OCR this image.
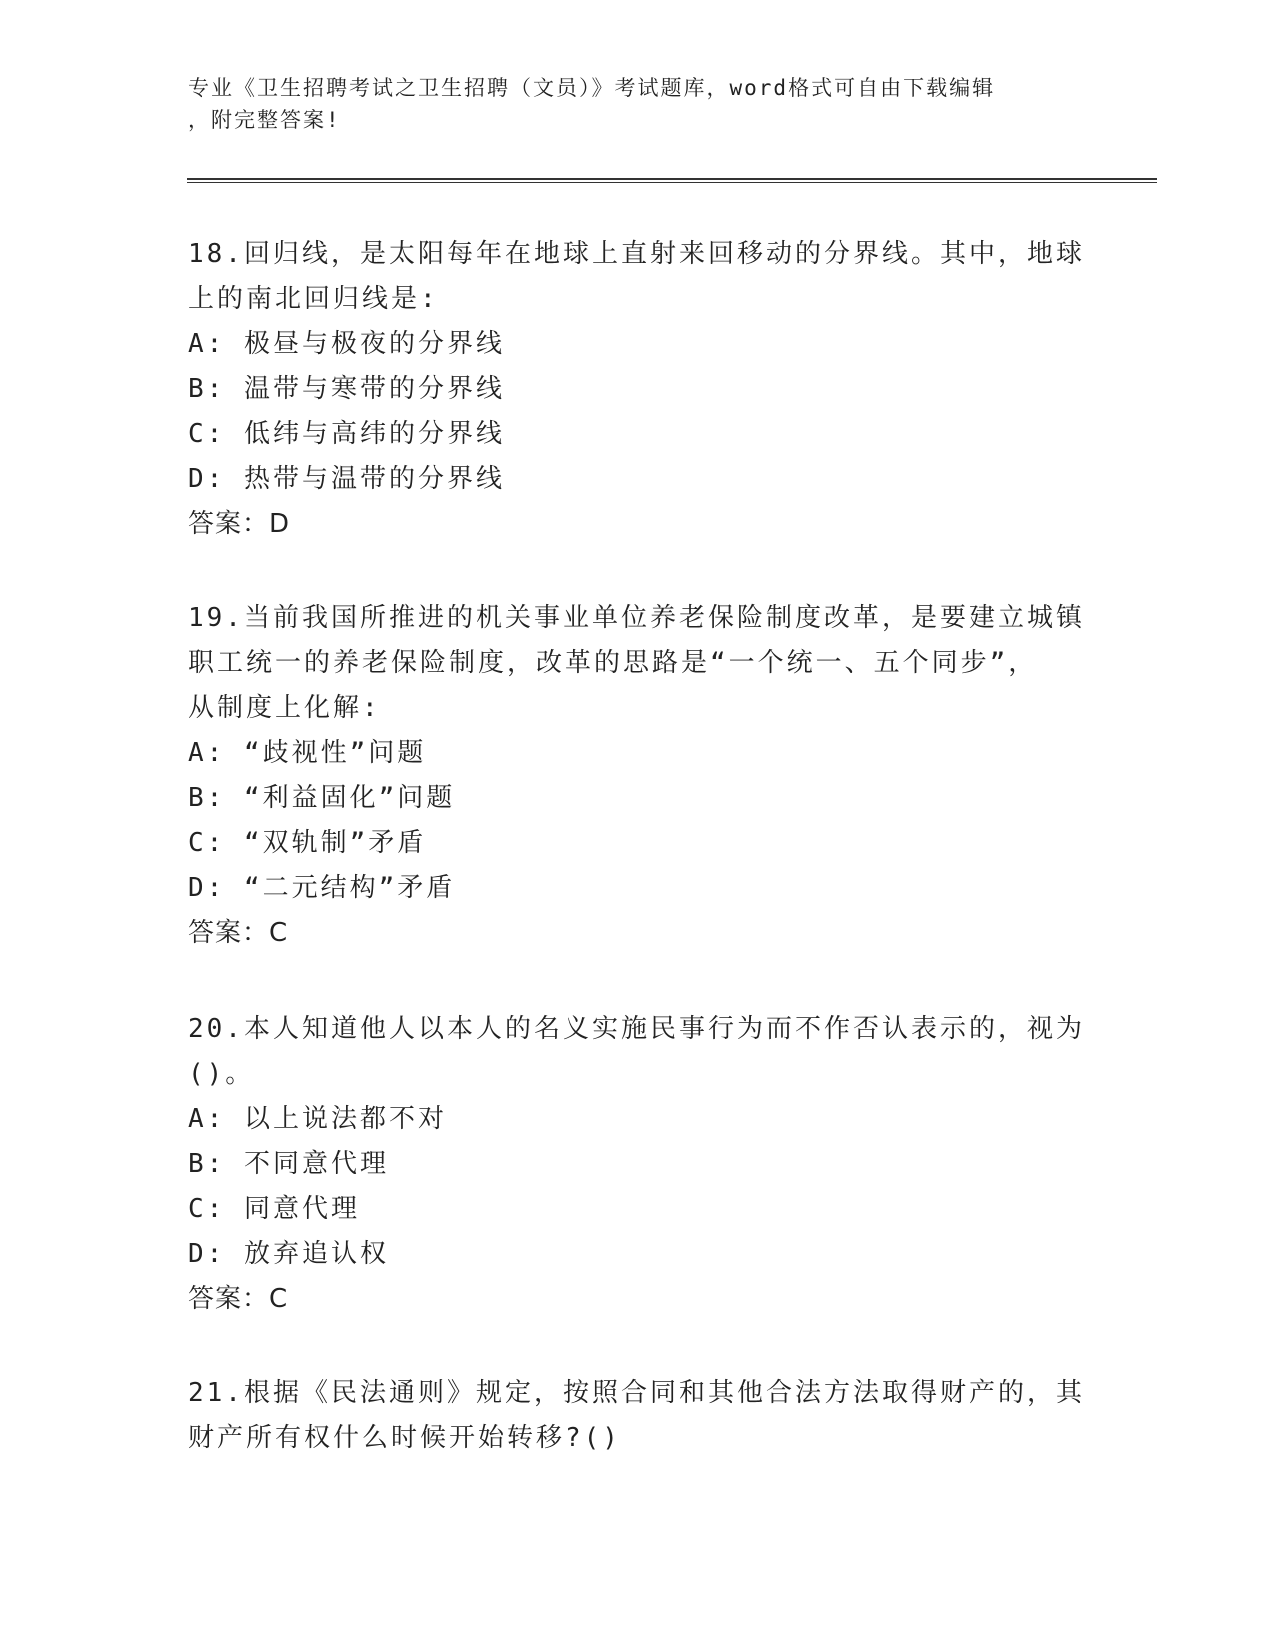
专业《卫生招聘考试之卫生招聘（文员）》考试题库，word格式可自由下载编辑
，附完整答案!
18.回归线，是太阳每年在地球上直射来回移动的分界线。其中，地球
上的南北回归线是:
A: 极昼与极夜的分界线
B: 温带与寒带的分界线
C: 低纬与高纬的分界线
D: 热带与温带的分界线
答案：D
19.当前我国所推进的机关事业单位养老保险制度改革，是要建立城镇
职工统一的养老保险制度，改革的思路是“一个统一、五个同步”，
从制度上化解:
A: “歧视性”问题
B: “利益固化”问题
C: “双轨制”矛盾
D: “二元结构”矛盾
答案：C
20.本人知道他人以本人的名义实施民事行为而不作否认表示的，视为
()。
A: 以上说法都不对
B: 不同意代理
C: 同意代理
D: 放弃追认权
答案：C
21.根据《民法通则》规定，按照合同和其他合法方法取得财产的，其
财产所有权什么时候开始转移?()
